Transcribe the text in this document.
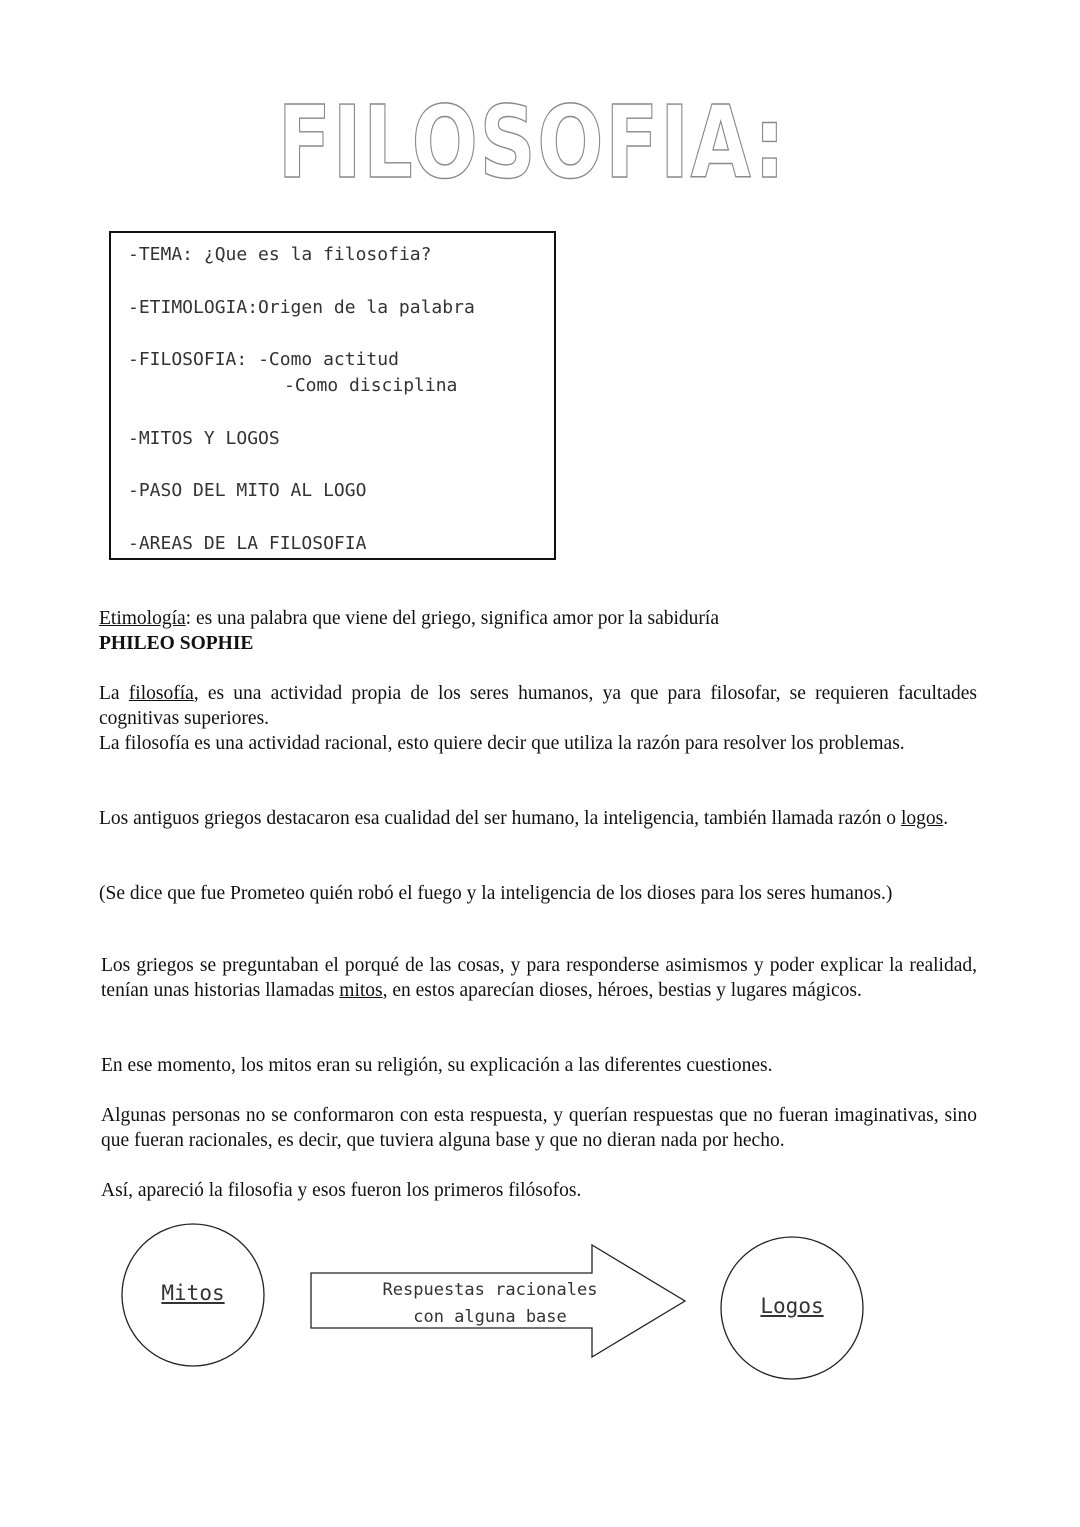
FILOSOFIA:
-TEMA: ¿Que es la filosofia?
-ETIMOLOGIA:Origen de la palabra
-FILOSOFIA: -Como actitud
-Como disciplina
-MITOS Y LOGOS
-PASO DEL MITO AL LOGO
-AREAS DE LA FILOSOFIA

Etimología: es una palabra que viene del griego, significa amor por la sabiduría
PHILEO SOPHIE

La filosofía, es una actividad propia de los seres humanos, ya que para filosofar, se requieren facultades cognitivas superiores.

La filosofía es una actividad racional, esto quiere decir que utiliza la razón para resolver los problemas.

Los antiguos griegos destacaron esa cualidad del ser humano, la inteligencia, también llamada razón o logos.

(Se dice que fue Prometeo quién robó el fuego y la inteligencia de los dioses para los seres humanos.)

Los griegos se preguntaban el porqué de las cosas, y para responderse asimismos y poder explicar la realidad, tenían unas historias llamadas mitos, en estos aparecían dioses, héroes, bestias y lugares mágicos.

En ese momento, los mitos eran su religión, su explicación a las diferentes cuestiones.

Algunas personas no se conformaron con esta respuesta, y querían respuestas que no fueran imaginativas, sino que fueran racionales, es decir, que tuviera alguna base y que no dieran nada por hecho.

Así, apareció la filosofia y esos fueron los primeros filósofos.

Mitos	Respuestas racionales
con alguna base	Logos
